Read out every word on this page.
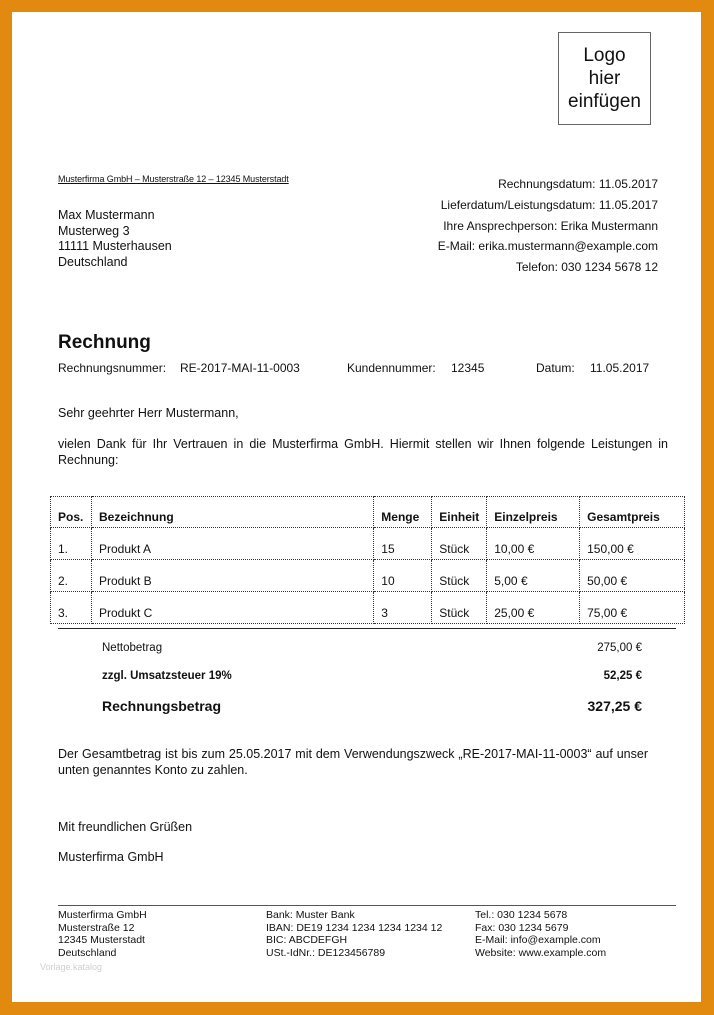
Logo
hier
einfügen
Musterfirma GmbH – Musterstraße 12 – 12345 Musterstadt
Max Mustermann
Musterweg 3
11111 Musterhausen
Deutschland
Rechnungsdatum: 11.05.2017
Lieferdatum/Leistungsdatum: 11.05.2017
Ihre Ansprechperson: Erika Mustermann
E-Mail: erika.mustermann@example.com
Telefon: 030 1234 5678 12
Rechnung
Rechnungsnummer: RE-2017-MAI-11-0003	Kundennummer: 12345	Datum: 11.05.2017
Sehr geehrter Herr Mustermann,
vielen Dank für Ihr Vertrauen in die Musterfirma GmbH. Hiermit stellen wir Ihnen folgende Leistungen in Rechnung:
Pos.	Bezeichnung	Menge	Einheit	Einzelpreis	Gesamtpreis
1.	Produkt A	15	Stück	10,00 €	150,00 €
2.	Produkt B	10	Stück	5,00 €	50,00 €
3.	Produkt C	3	Stück	25,00 €	75,00 €
Nettobetrag	275,00 €
zzgl. Umsatzsteuer 19%	52,25 €
Rechnungsbetrag	327,25 €
Der Gesamtbetrag ist bis zum 25.05.2017 mit dem Verwendungszweck „RE-2017-MAI-11-0003“ auf unser unten genanntes Konto zu zahlen.
Mit freundlichen Grüßen
Musterfirma GmbH
Musterfirma GmbH
Musterstraße 12
12345 Musterstadt
Deutschland
Bank: Muster Bank
IBAN: DE19 1234 1234 1234 1234 12
BIC: ABCDEFGH
USt.-IdNr.: DE123456789
Tel.: 030 1234 5678
Fax: 030 1234 5679
E-Mail: info@example.com
Website: www.example.com
Vorlage.katalog
